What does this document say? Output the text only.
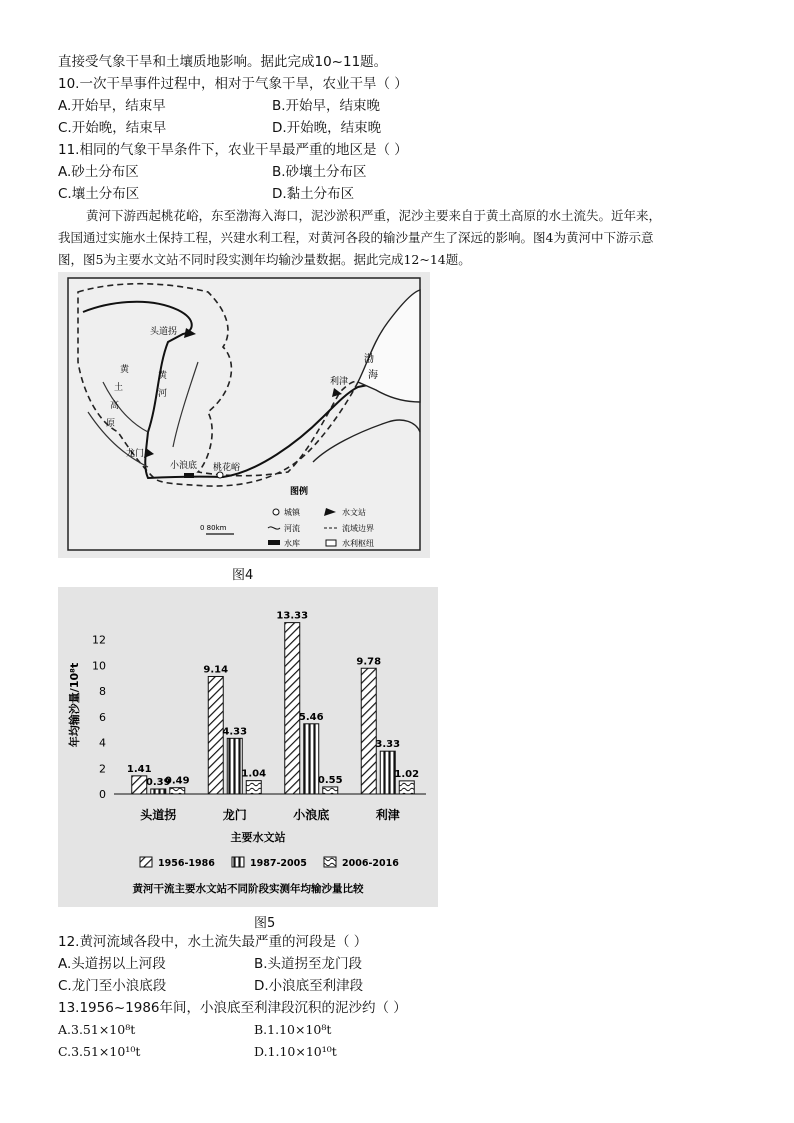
直接受气象干旱和土壤质地影响。据此完成10~11题。
10.一次干旱事件过程中，相对于气象干旱，农业干旱（ ）
A.开始早，结束早	B.开始早，结束晚
C.开始晚，结束早	D.开始晚，结束晚
11.相同的气象干旱条件下，农业干旱最严重的地区是（ ）
A.砂土分布区	B.砂壤土分布区
C.壤土分布区	D.黏土分布区
黄河下游西起桃花峪，东至渤海入海口，泥沙淤积严重，泥沙主要来自于黄土高原的水土流失。近年来，
我国通过实施水土保持工程，兴建水利工程，对黄河各段的输沙量产生了深远的影响。图4为黄河中下游示意
图，图5为主要水文站不同时段实测年均输沙量数据。据此完成12~14题。
头道拐
龙门
小浪底 桃花峪
利津
渤
海
黄
土
高
原
黄
河
0 80km
图例
城镇	水文站
河流	流域边界
水库	水利枢纽
图4
0
2
4
6
8
10
12
年均输沙量/10⁸t
1.41
0.39
0.49
头道拐
9.14
4.33
1.04
龙门
13.33
5.46
0.55
小浪底
9.78
3.33
1.02
利津
主要水文站
1956-1986	1987-2005	2006-2016
黄河干流主要水文站不同阶段实测年均输沙量比较
图5
12.黄河流域各段中，水土流失最严重的河段是（ ）
A.头道拐以上河段	B.头道拐至龙门段
C.龙门至小浪底段	D.小浪底至利津段
13.1956~1986年间，小浪底至利津段沉积的泥沙约（ ）
A.3.51×10⁸t	B.1.10×10⁸t
C.3.51×10¹⁰t	D.1.10×10¹⁰t
